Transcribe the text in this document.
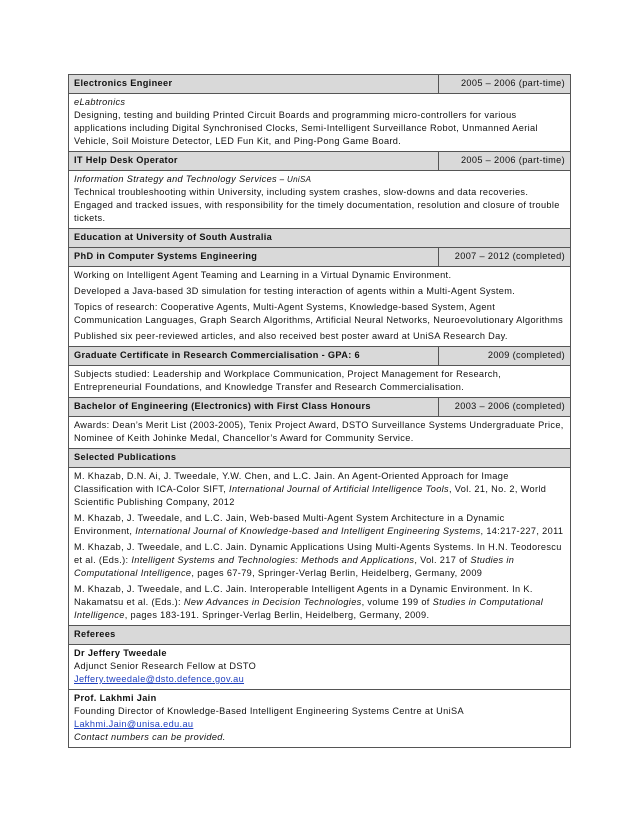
Electronics Engineer	2005 – 2006 (part-time)

eLabtronics
Designing, testing and building Printed Circuit Boards and programming micro-controllers for various applications including Digital Synchronised Clocks, Semi-Intelligent Surveillance Robot, Unmanned Aerial Vehicle, Soil Moisture Detector, LED Fun Kit, and Ping-Pong Game Board.	

IT Help Desk Operator	2005 – 2006 (part-time)

Information Strategy and Technology Services – UniSA
Technical troubleshooting within University, including system crashes, slow-downs and data recoveries. Engaged and tracked issues, with responsibility for the timely documentation, resolution and closure of trouble tickets.	

Education at University of South Australia	
PhD in Computer Systems Engineering	2007 – 2012 (completed)

Working on Intelligent Agent Teaming and Learning in a Virtual Dynamic Environment.
Developed a Java-based 3D simulation for testing interaction of agents within a Multi-Agent System.
Topics of research: Cooperative Agents, Multi-Agent Systems, Knowledge-based System, Agent Communication Languages, Graph Search Algorithms, Artificial Neural Networks, Neuroevolutionary Algorithms
Published six peer-reviewed articles, and also received best poster award at UniSA Research Day.	

Graduate Certificate in Research Commercialisation - GPA: 6	2009 (completed)
Subjects studied: Leadership and Workplace Communication, Project Management for Research, Entrepreneurial Foundations, and Knowledge Transfer and Research Commercialisation.	
Bachelor of Engineering (Electronics) with First Class Honours	2003 – 2006 (completed)
Awards: Dean’s Merit List (2003-2005), Tenix Project Award, DSTO Surveillance Systems Undergraduate Price, Nominee of Keith Johinke Medal, Chancellor’s Award for Community Service.	
Selected Publications	

M. Khazab, D.N. Ai, J. Tweedale, Y.W. Chen, and L.C. Jain. An Agent-Oriented Approach for Image Classification with ICA-Color SIFT, International Journal of Artificial Intelligence Tools, Vol. 21, No. 2, World Scientific Publishing Company, 2012
M. Khazab, J. Tweedale, and L.C. Jain, Web-based Multi-Agent System Architecture in a Dynamic Environment, International Journal of Knowledge-based and Intelligent Engineering Systems, 14:217-227, 2011
M. Khazab, J. Tweedale, and L.C. Jain. Dynamic Applications Using Multi-Agents Systems. In H.N. Teodorescu et al. (Eds.): Intelligent Systems and Technologies: Methods and Applications, Vol. 217 of Studies in Computational Intelligence, pages 67-79, Springer-Verlag Berlin, Heidelberg, Germany, 2009
M. Khazab, J. Tweedale, and L.C. Jain. Interoperable Intelligent Agents in a Dynamic Environment. In K. Nakamatsu et al. (Eds.): New Advances in Decision Technologies, volume 199 of Studies in Computational Intelligence, pages 183-191. Springer-Verlag Berlin, Heidelberg, Germany, 2009.	

Referees	

Dr Jeffery Tweedale
Adjunct Senior Research Fellow at DSTO
Jeffery.tweedale@dsto.defence.gov.au	

Prof. Lakhmi Jain
Founding Director of Knowledge-Based Intelligent Engineering Systems Centre at UniSA
Lakhmi.Jain@unisa.edu.au
Contact numbers can be provided.	
